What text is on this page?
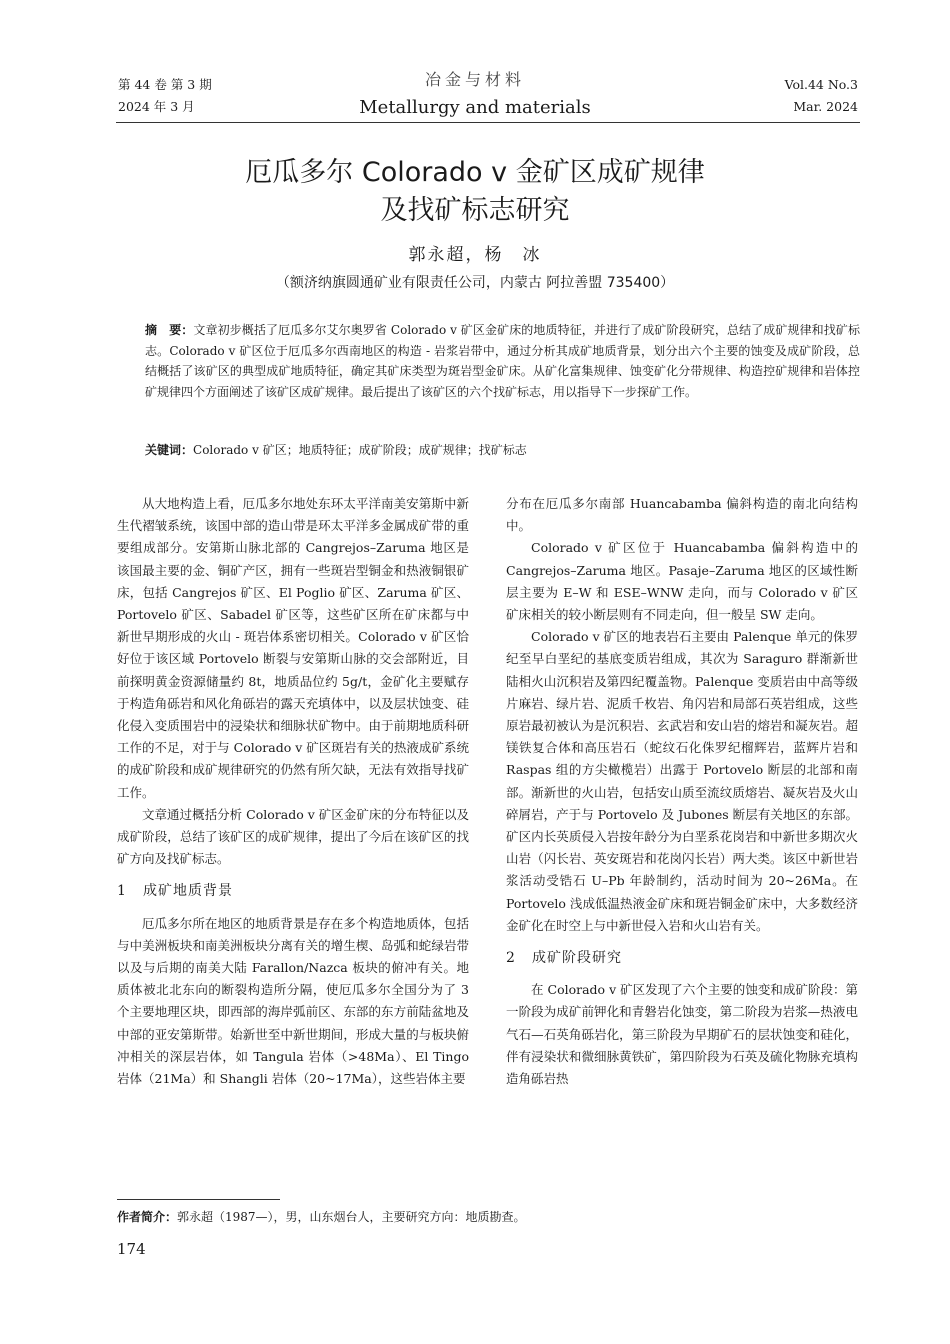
第 44 卷 第 3 期
2024 年 3 月
冶金与材料
Metallurgy and materials
Vol.44 No.3
Mar. 2024
厄瓜多尔 Colorado v 金矿区成矿规律
及找矿标志研究
郭永超，杨　冰
（额济纳旗圆通矿业有限责任公司，内蒙古 阿拉善盟 735400）
摘　要：文章初步概括了厄瓜多尔艾尔奥罗省 Colorado v 矿区金矿床的地质特征，并进行了成矿阶段研究，总结了成矿规律和找矿标志。Colorado v 矿区位于厄瓜多尔西南地区的构造 - 岩浆岩带中，通过分析其成矿地质背景，划分出六个主要的蚀变及成矿阶段，总结概括了该矿区的典型成矿地质特征，确定其矿床类型为斑岩型金矿床。从矿化富集规律、蚀变矿化分带规律、构造控矿规律和岩体控矿规律四个方面阐述了该矿区成矿规律。最后提出了该矿区的六个找矿标志，用以指导下一步探矿工作。
关键词：Colorado v 矿区；地质特征；成矿阶段；成矿规律；找矿标志

从大地构造上看，厄瓜多尔地处东环太平洋南美安第斯中新生代褶皱系统，该国中部的造山带是环太平洋多金属成矿带的重要组成部分。安第斯山脉北部的 Cangrejos–Zaruma 地区是该国最主要的金、铜矿产区，拥有一些斑岩型铜金和热液铜银矿床，包括 Cangrejos 矿区、El Poglio 矿区、Zaruma 矿区、Portovelo 矿区、Sabadel 矿区等，这些矿区所在矿床都与中新世早期形成的火山 - 斑岩体系密切相关。Colorado v 矿区恰好位于该区域 Portovelo 断裂与安第斯山脉的交会部附近，目前探明黄金资源储量约 8t，地质品位约 5g/t，金矿化主要赋存于构造角砾岩和风化角砾岩的露天充填体中，以及层状蚀变、硅化侵入变质围岩中的浸染状和细脉状矿物中。由于前期地质科研工作的不足，对于与 Colorado v 矿区斑岩有关的热液成矿系统的成矿阶段和成矿规律研究的仍然有所欠缺，无法有效指导找矿工作。

文章通过概括分析 Colorado v 矿区金矿床的分布特征以及成矿阶段，总结了该矿区的成矿规律，提出了今后在该矿区的找矿方向及找矿标志。

1 成矿地质背景

厄瓜多尔所在地区的地质背景是存在多个构造地质体，包括与中美洲板块和南美洲板块分离有关的增生楔、岛弧和蛇绿岩带以及与后期的南美大陆 Farallon/Nazca 板块的俯冲有关。地质体被北北东向的断裂构造所分隔，使厄瓜多尔全国分为了 3 个主要地理区块，即西部的海岸弧前区、东部的东方前陆盆地及中部的亚安第斯带。始新世至中新世期间，形成大量的与板块俯冲相关的深层岩体，如 Tangula 岩体（>48Ma）、El Tingo 岩体（21Ma）和 Shangli 岩体（20~17Ma），这些岩体主要

分布在厄瓜多尔南部 Huancabamba 偏斜构造的南北向结构中。

Colorado v 矿区位于 Huancabamba 偏斜构造中的 Cangrejos–Zaruma 地区。Pasaje–Zaruma 地区的区域性断层主要为 E–W 和 ESE–WNW 走向，而与 Colorado v 矿区矿床相关的较小断层则有不同走向，但一般呈 SW 走向。

Colorado v 矿区的地表岩石主要由 Palenque 单元的侏罗纪至早白垩纪的基底变质岩组成，其次为 Saraguro 群渐新世陆相火山沉积岩及第四纪覆盖物。Palenque 变质岩由中高等级片麻岩、绿片岩、泥质千枚岩、角闪岩和局部石英岩组成，这些原岩最初被认为是沉积岩、玄武岩和安山岩的熔岩和凝灰岩。超镁铁复合体和高压岩石（蛇纹石化侏罗纪榴辉岩，蓝辉片岩和 Raspas 组的方尖橄榄岩）出露于 Portovelo 断层的北部和南部。渐新世的火山岩，包括安山质至流纹质熔岩、凝灰岩及火山碎屑岩，产于与 Portovelo 及 Jubones 断层有关地区的东部。矿区内长英质侵入岩按年龄分为白垩系花岗岩和中新世多期次火山岩（闪长岩、英安斑岩和花岗闪长岩）两大类。该区中新世岩浆活动受锆石 U–Pb 年龄制约，活动时间为 20~26Ma。在 Portovelo 浅成低温热液金矿床和斑岩铜金矿床中，大多数经济金矿化在时空上与中新世侵入岩和火山岩有关。

2 成矿阶段研究

在 Colorado v 矿区发现了六个主要的蚀变和成矿阶段：第一阶段为成矿前钾化和青磐岩化蚀变，第二阶段为岩浆—热液电气石—石英角砾岩化，第三阶段为早期矿石的层状蚀变和硅化，伴有浸染状和微细脉黄铁矿，第四阶段为石英及硫化物脉充填构造角砾岩热

作者简介：郭永超（1987—），男，山东烟台人，主要研究方向：地质勘查。
174
